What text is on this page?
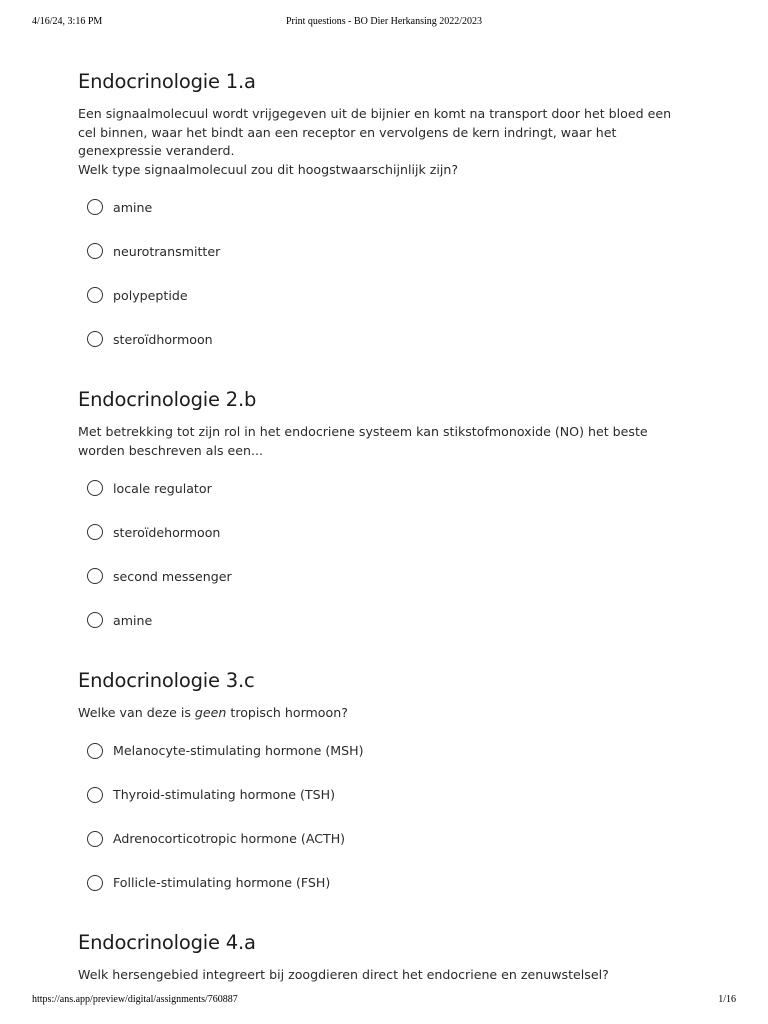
4/16/24, 3:16 PM	Print questions - BO Dier Herkansing 2022/2023
Endocrinologie 1.a

Een signaalmolecuul wordt vrijgegeven uit de bijnier en komt na transport door het bloed een cel binnen, waar het bindt aan een receptor en vervolgens de kern indringt, waar het genexpressie veranderd.

Welk type signaalmolecuul zou dit hoogstwaarschijnlijk zijn?

amine
neurotransmitter
polypeptide
steroïdhormoon
Endocrinologie 2.b

Met betrekking tot zijn rol in het endocriene systeem kan stikstofmonoxide (NO) het beste worden beschreven als een...

locale regulator
steroïdehormoon
second messenger
amine
Endocrinologie 3.c

Welke van deze is geen tropisch hormoon?

Melanocyte-stimulating hormone (MSH)
Thyroid-stimulating hormone (TSH)
Adrenocorticotropic hormone (ACTH)
Follicle-stimulating hormone (FSH)
Endocrinologie 4.a

Welk hersengebied integreert bij zoogdieren direct het endocriene en zenuwstelsel?

https://ans.app/preview/digital/assignments/760887	1/16
